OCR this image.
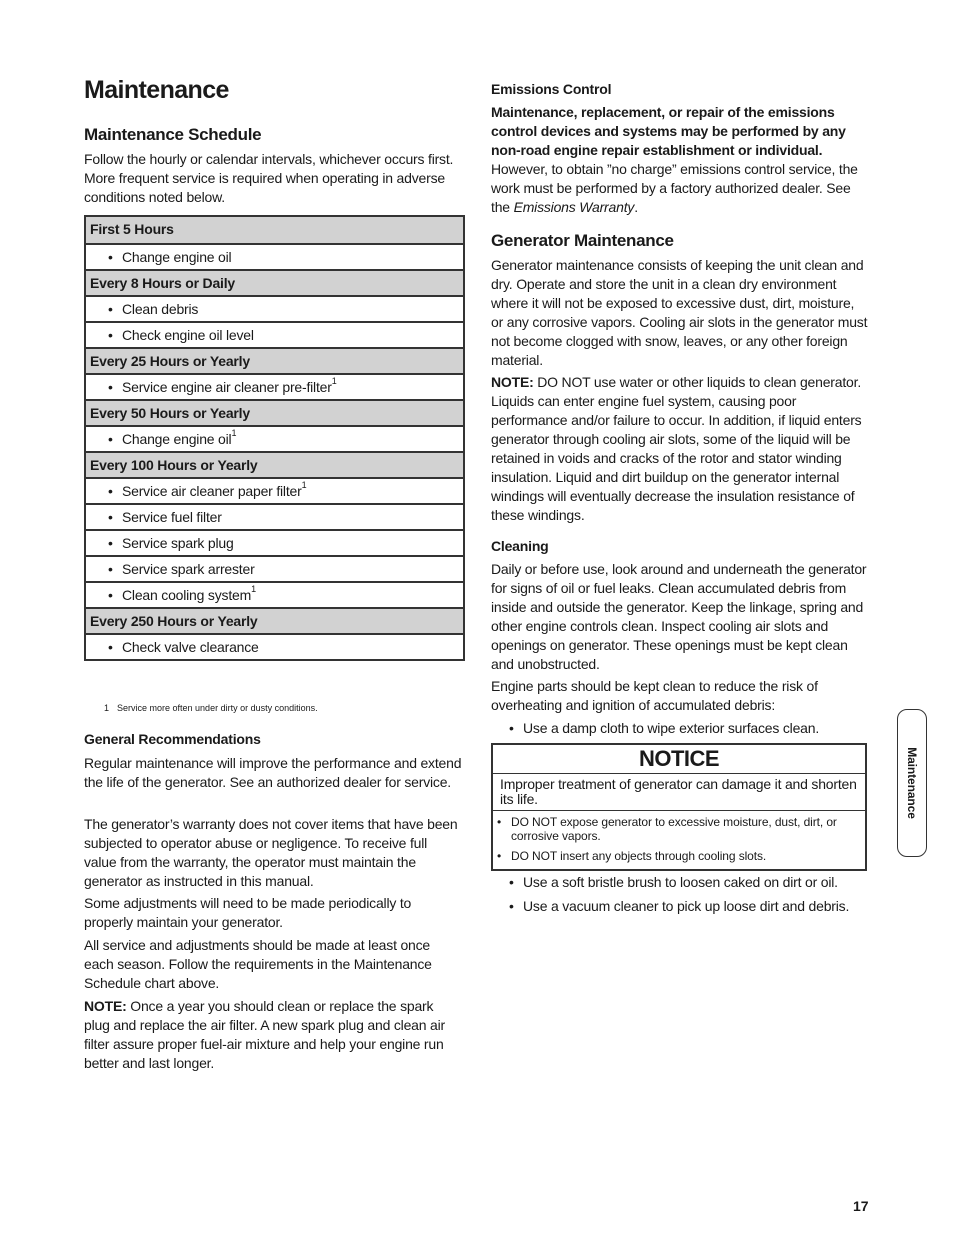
Maintenance
Maintenance Schedule

Follow the hourly or calendar intervals, whichever occurs first. More frequent service is required when operating in adverse conditions noted below.

First 5 Hours
• Change engine oil
Every 8 Hours or Daily
• Clean debris
• Check engine oil level
Every 25 Hours or Yearly
• Service engine air cleaner pre-filter$^1$
Every 50 Hours or Yearly
• Change engine oil$^1$
Every 100 Hours or Yearly
• Service air cleaner paper filter$^1$
• Service fuel filter
• Service spark plug
• Service spark arrester
• Clean cooling system$^1$
Every 250 Hours or Yearly
• Check valve clearance
1 Service more often under dirty or dusty conditions.
General Recommendations

Regular maintenance will improve the performance and extend the life of the generator. See an authorized dealer for service.

The generator’s warranty does not cover items that have been subjected to operator abuse or negligence. To receive full value from the warranty, the operator must maintain the generator as instructed in this manual.

Some adjustments will need to be made periodically to properly maintain your generator.

All service and adjustments should be made at least once each season. Follow the requirements in the Maintenance Schedule chart above.

NOTE: Once a year you should clean or replace the spark plug and replace the air filter. A new spark plug and clean air filter assure proper fuel-air mixture and help your engine run better and last longer.

Emissions Control

Maintenance, replacement, or repair of the emissions control devices and systems may be performed by any non-road engine repair establishment or individual. However, to obtain ”no charge” emissions control service, the work must be performed by a factory authorized dealer. See the Emissions Warranty.

Generator Maintenance

Generator maintenance consists of keeping the unit clean and dry. Operate and store the unit in a clean dry environment where it will not be exposed to excessive dust, dirt, moisture, or any corrosive vapors. Cooling air slots in the generator must not become clogged with snow, leaves, or any other foreign material.

NOTE: DO NOT use water or other liquids to clean generator. Liquids can enter engine fuel system, causing poor performance and/or failure to occur. In addition, if liquid enters generator through cooling air slots, some of the liquid will be retained in voids and cracks of the rotor and stator winding insulation. Liquid and dirt buildup on the generator internal windings will eventually decrease the insulation resistance of these windings.

Cleaning

Daily or before use, look around and underneath the generator for signs of oil or fuel leaks. Clean accumulated debris from inside and outside the generator. Keep the linkage, spring and other engine controls clean. Inspect cooling air slots and openings on generator. These openings must be kept clean and unobstructed.

Engine parts should be kept clean to reduce the risk of overheating and ignition of accumulated debris:

• Use a damp cloth to wipe exterior surfaces clean.
NOTICE
Improper treatment of generator can damage it and shorten its life.
• DO NOT expose generator to excessive moisture, dust, dirt, or corrosive vapors.
• DO NOT insert any objects through cooling slots.
• Use a soft bristle brush to loosen caked on dirt or oil.
• Use a vacuum cleaner to pick up loose dirt and debris.
Maintenance
17
